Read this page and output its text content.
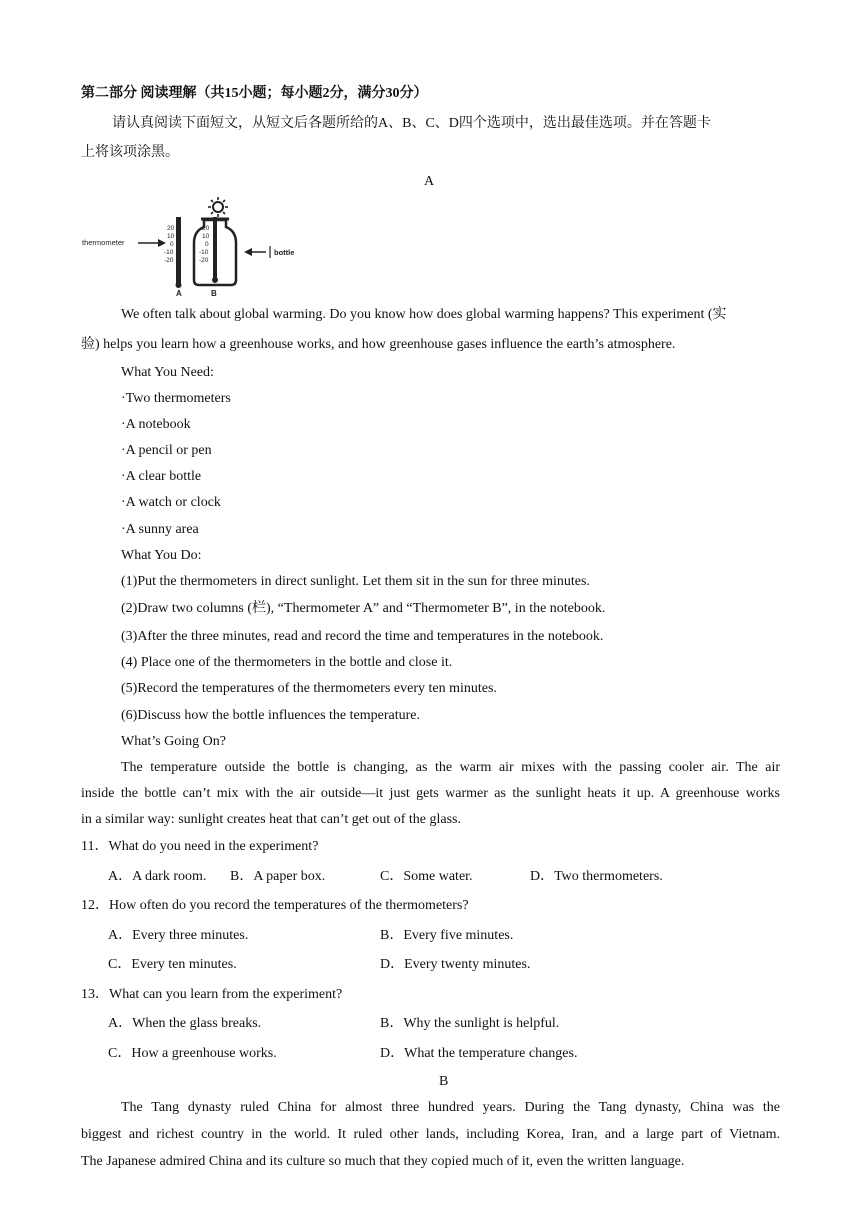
第二部分 阅读理解（共15小题；每小题2分，满分30分）
请认真阅读下面短文，从短文后各题所给的A、B、C、D四个选项中，选出最佳选项。并在答题卡
上将该项涂黑。
A
thermometer
20
10
0
-10
-20
A
20
10
0
-10
-20
B
bottle
We often talk about global warming. Do you know how does global warming happens? This experiment (实
验) helps you learn how a greenhouse works, and how greenhouse gases influence the earth’s atmosphere.
What You Need:
·Two thermometers
·A notebook
·A pencil or pen
·A clear bottle
·A watch or clock
·A sunny area
What You Do:
(1)Put the thermometers in direct sunlight. Let them sit in the sun for three minutes.
(2)Draw two columns (栏), “Thermometer A” and “Thermometer B”, in the notebook.
(3)After the three minutes, read and record the time and temperatures in the notebook.
(4) Place one of the thermometers in the bottle and close it.
(5)Record the temperatures of the thermometers every ten minutes.
(6)Discuss how the bottle influences the temperature.
What’s Going On?
The temperature outside the bottle is changing, as the warm air mixes with the passing cooler air. The air
inside the bottle can’t mix with the air outside—it just gets warmer as the sunlight heats it up. A greenhouse works
in a similar way: sunlight creates heat that can’t get out of the glass.
11．What do you need in the experiment?
A．A dark room. B．A paper box.	C．Some water.	D．Two thermometers.
12．How often do you record the temperatures of the thermometers?
A．Every three minutes.	B．Every five minutes.
C．Every ten minutes.	D．Every twenty minutes.
13．What can you learn from the experiment?
A．When the glass breaks.	B．Why the sunlight is helpful.
C．How a greenhouse works.	D．What the temperature changes.
B
The Tang dynasty ruled China for almost three hundred years. During the Tang dynasty, China was the
biggest and richest country in the world. It ruled other lands, including Korea, Iran, and a large part of Vietnam.
The Japanese admired China and its culture so much that they copied much of it, even the written language.
